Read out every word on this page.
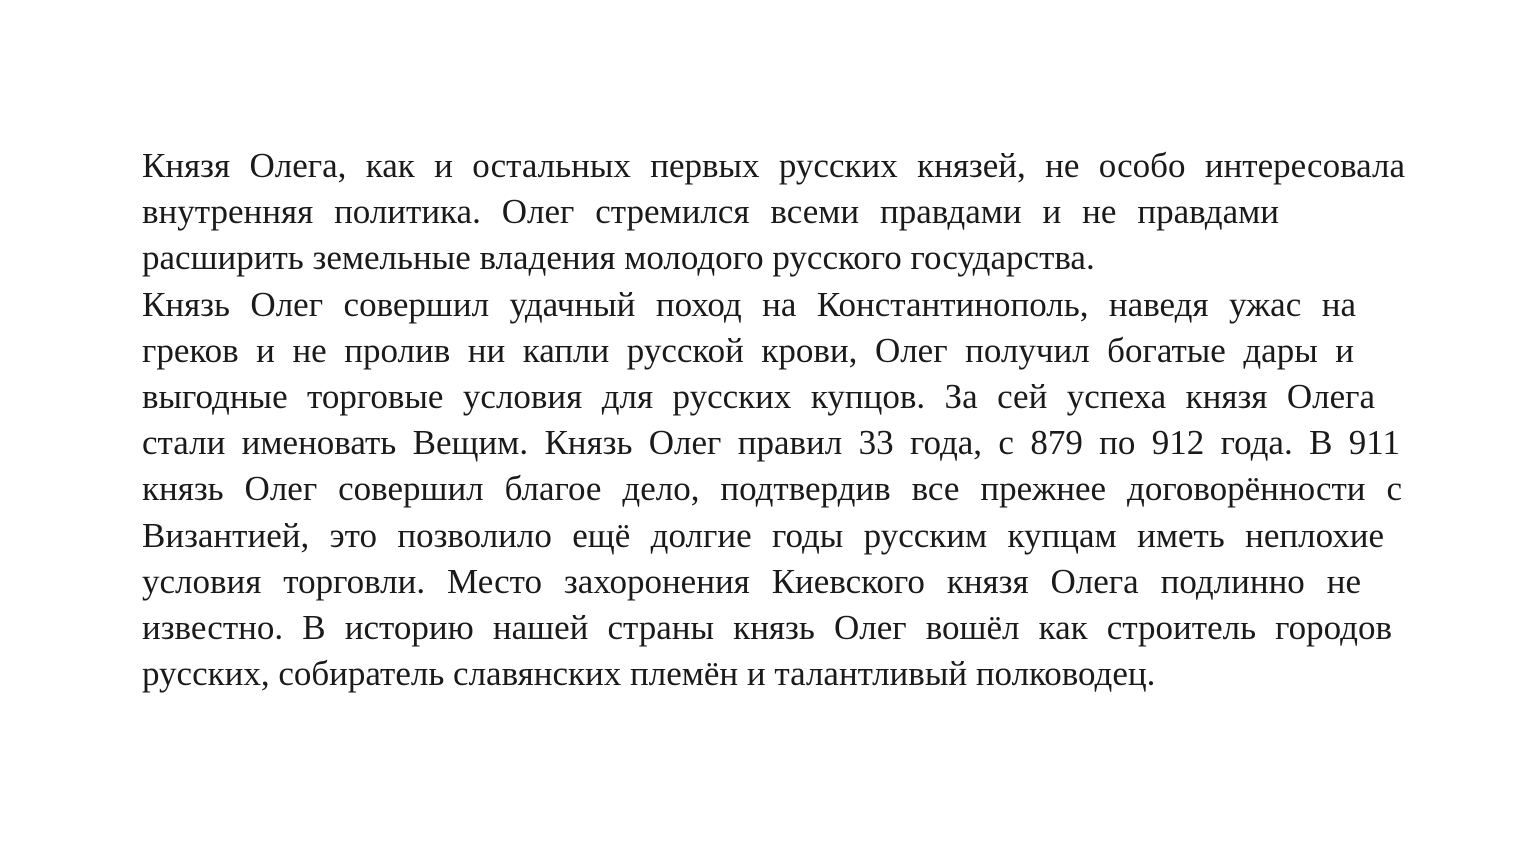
Князя Олега, как и остальных первых русских князей, не особо интересовала
внутренняя политика. Олег стремился всеми правдами и не правдами
расширить земельные владения молодого русского государства.
Князь Олег совершил удачный поход на Константинополь, наведя ужас на
греков и не пролив ни капли русской крови, Олег получил богатые дары и
выгодные торговые условия для русских купцов. За сей успеха князя Олега
стали именовать Вещим. Князь Олег правил 33 года, с 879 по 912 года. В 911
князь Олег совершил благое дело, подтвердив все прежнее договорённости с
Византией, это позволило ещё долгие годы русским купцам иметь неплохие
условия торговли. Место захоронения Киевского князя Олега подлинно не
известно. В историю нашей страны князь Олег вошёл как строитель городов
русских, собиратель славянских племён и талантливый полководец.
